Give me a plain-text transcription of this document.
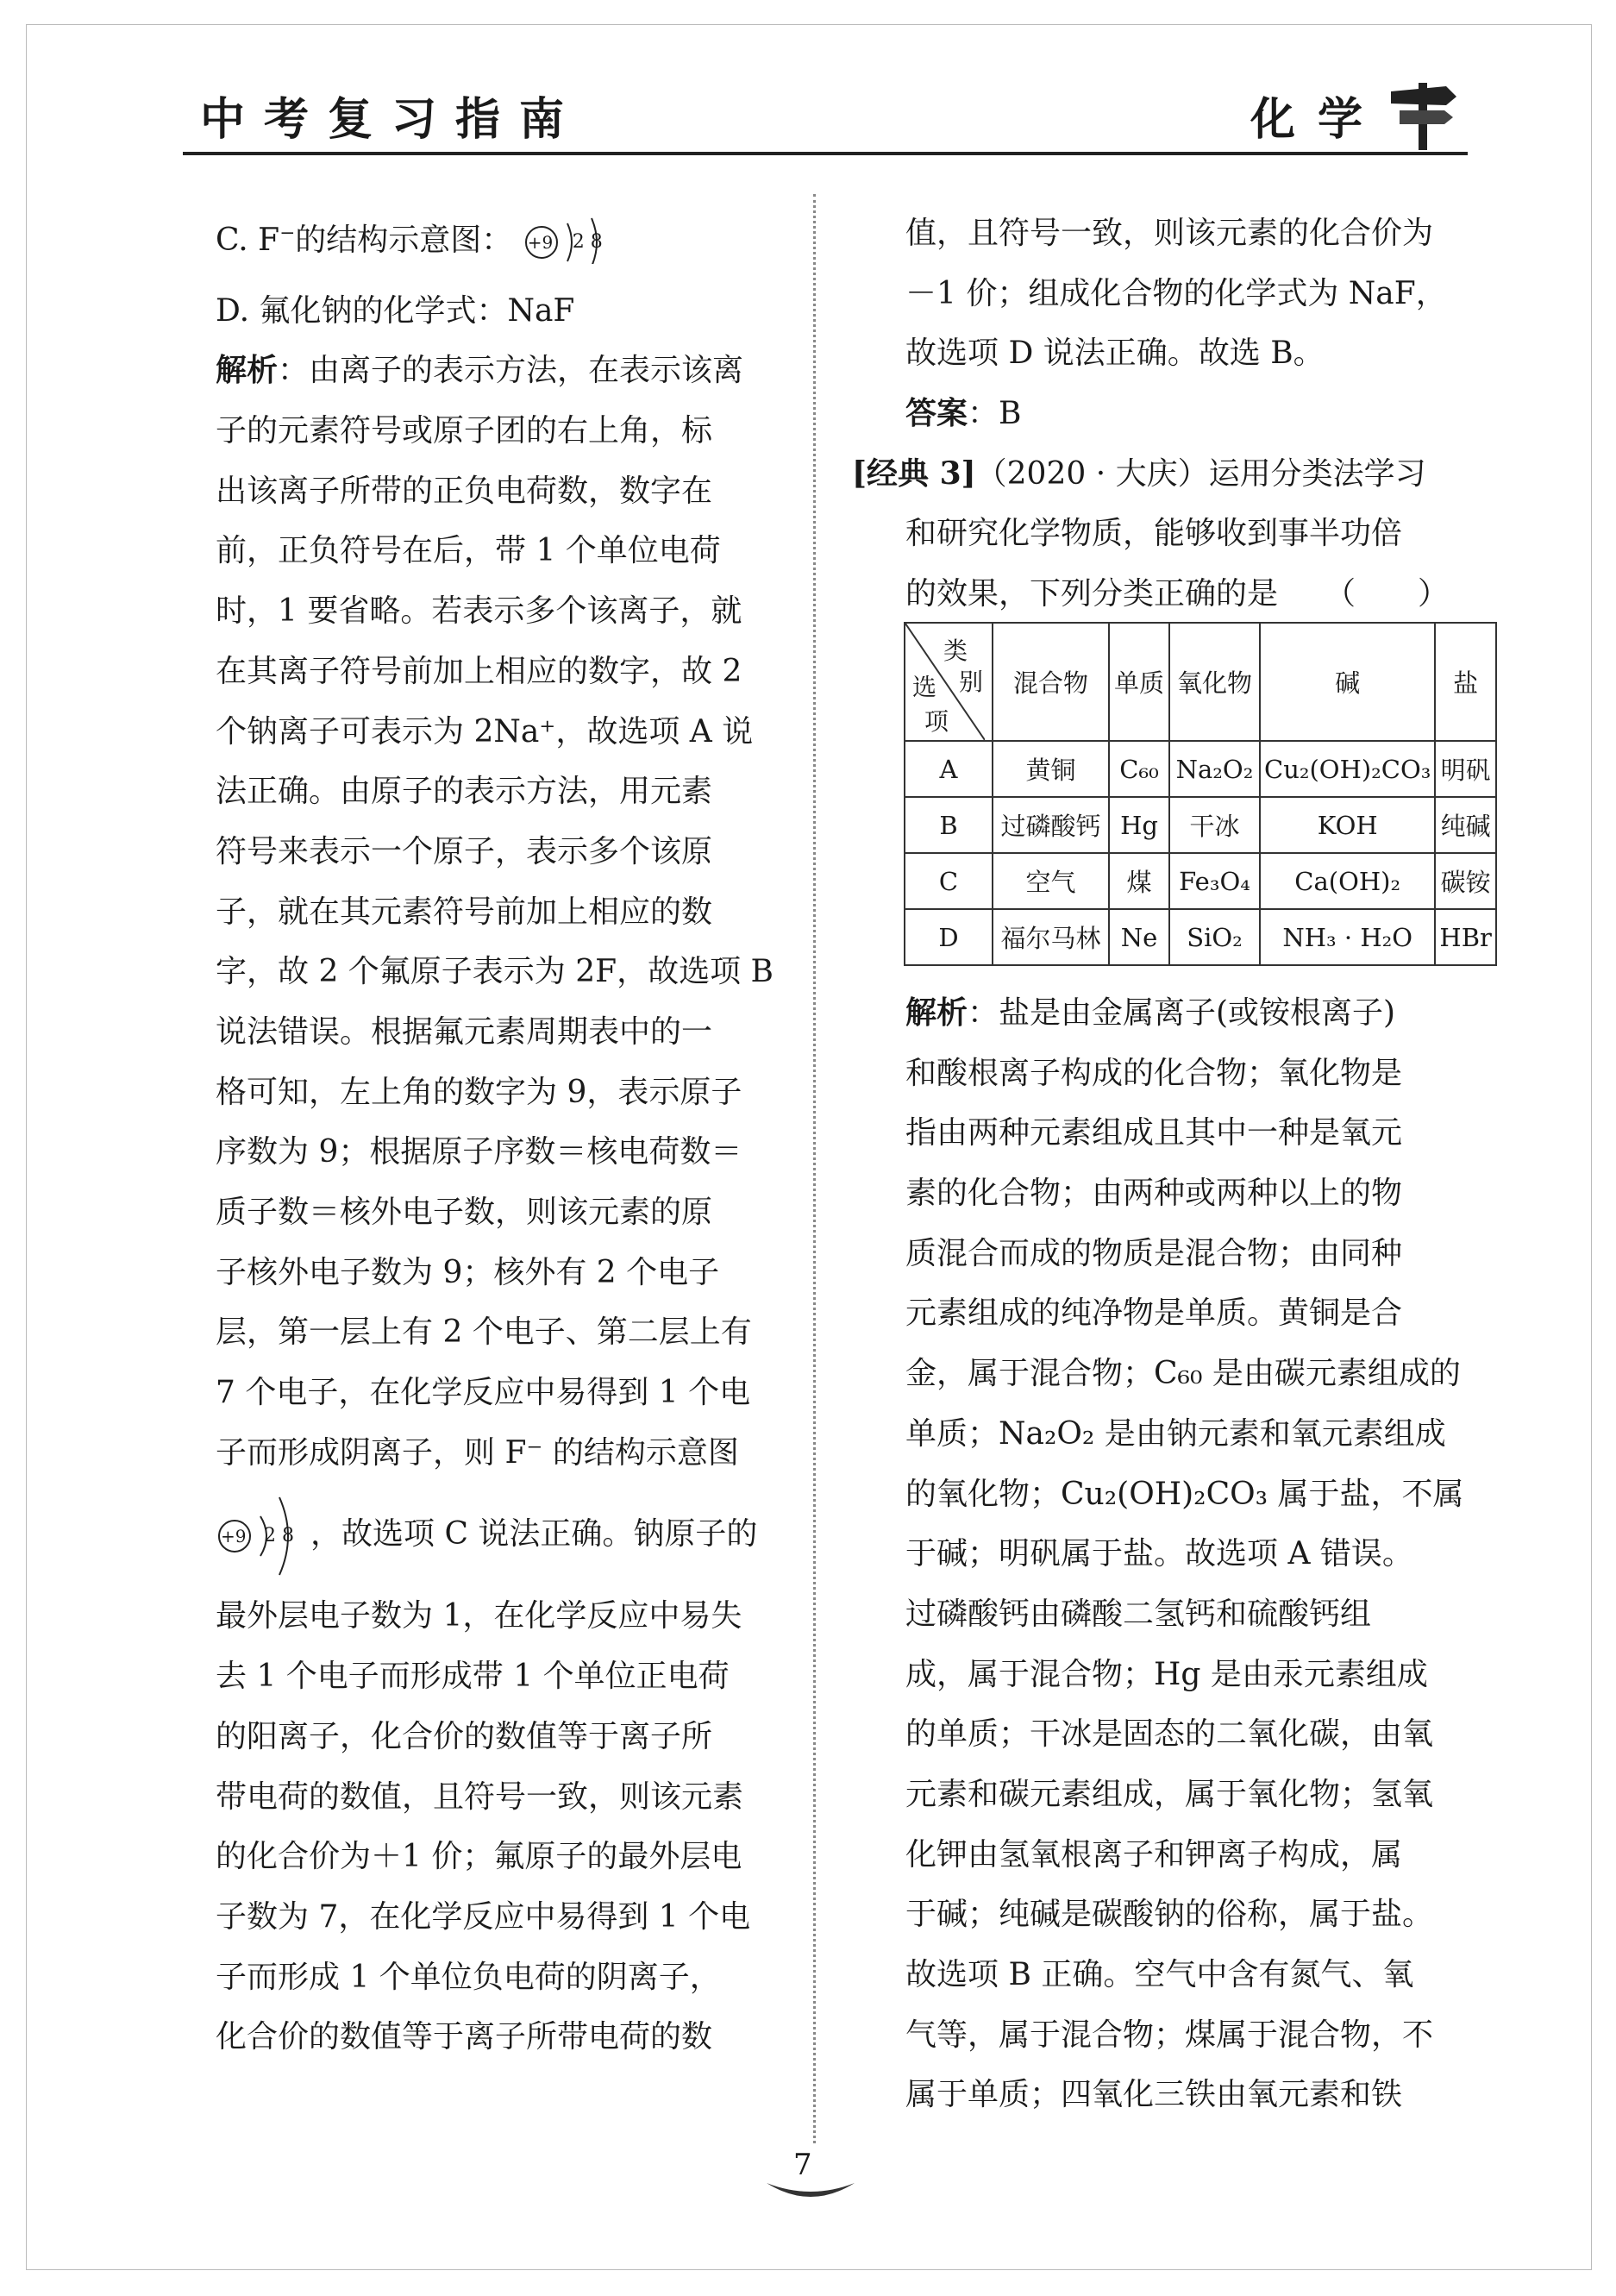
中考复习指南	化学
C. F−的结构示意图： +9 2 8
D. 氟化钠的化学式：NaF
解析：由离子的表示方法，在表示该离
子的元素符号或原子团的右上角，标
出该离子所带的正负电荷数，数字在
前，正负符号在后，带 1 个单位电荷
时，1 要省略。若表示多个该离子，就
在其离子符号前加上相应的数字，故 2
个钠离子可表示为 2Na⁺，故选项 A 说
法正确。由原子的表示方法，用元素
符号来表示一个原子，表示多个该原
子，就在其元素符号前加上相应的数
字，故 2 个氟原子表示为 2F，故选项 B
说法错误。根据氟元素周期表中的一
格可知，左上角的数字为 9，表示原子
序数为 9；根据原子序数＝核电荷数＝
质子数＝核外电子数，则该元素的原
子核外电子数为 9；核外有 2 个电子
层，第一层上有 2 个电子、第二层上有
7 个电子，在化学反应中易得到 1 个电
子而形成阴离子，则 F⁻ 的结构示意图
+9 2 8 ，故选项 C 说法正确。钠原子的
最外层电子数为 1，在化学反应中易失
去 1 个电子而形成带 1 个单位正电荷
的阳离子，化合价的数值等于离子所
带电荷的数值，且符号一致，则该元素
的化合价为＋1 价；氟原子的最外层电
子数为 7，在化学反应中易得到 1 个电
子而形成 1 个单位负电荷的阴离子，
化合价的数值等于离子所带电荷的数
值，且符号一致，则该元素的化合价为
－1 价；组成化合物的化学式为 NaF，
故选项 D 说法正确。故选 B。
答案：B
[经典 3]（2020 · 大庆）运用分类法学习
和研究化学物质，能够收到事半功倍
的效果，下列分类正确的是　　（　　）
类
别
选
项	混合物	单质	氧化物	碱	盐
A	黄铜	C₆₀	Na₂O₂	Cu₂(OH)₂CO₃	明矾
B	过磷酸钙	Hg	干冰	KOH	纯碱
C	空气	煤	Fe₃O₄	Ca(OH)₂	碳铵
D	福尔马林	Ne	SiO₂	NH₃ · H₂O	HBr
解析：盐是由金属离子(或铵根离子)
和酸根离子构成的化合物；氧化物是
指由两种元素组成且其中一种是氧元
素的化合物；由两种或两种以上的物
质混合而成的物质是混合物；由同种
元素组成的纯净物是单质。黄铜是合
金，属于混合物；C₆₀ 是由碳元素组成的
单质；Na₂O₂ 是由钠元素和氧元素组成
的氧化物；Cu₂(OH)₂CO₃ 属于盐，不属
于碱；明矾属于盐。故选项 A 错误。
过磷酸钙由磷酸二氢钙和硫酸钙组
成，属于混合物；Hg 是由汞元素组成
的单质；干冰是固态的二氧化碳，由氧
元素和碳元素组成，属于氧化物；氢氧
化钾由氢氧根离子和钾离子构成，属
于碱；纯碱是碳酸钠的俗称，属于盐。
故选项 B 正确。空气中含有氮气、氧
气等，属于混合物；煤属于混合物，不
属于单质；四氧化三铁由氧元素和铁
7
